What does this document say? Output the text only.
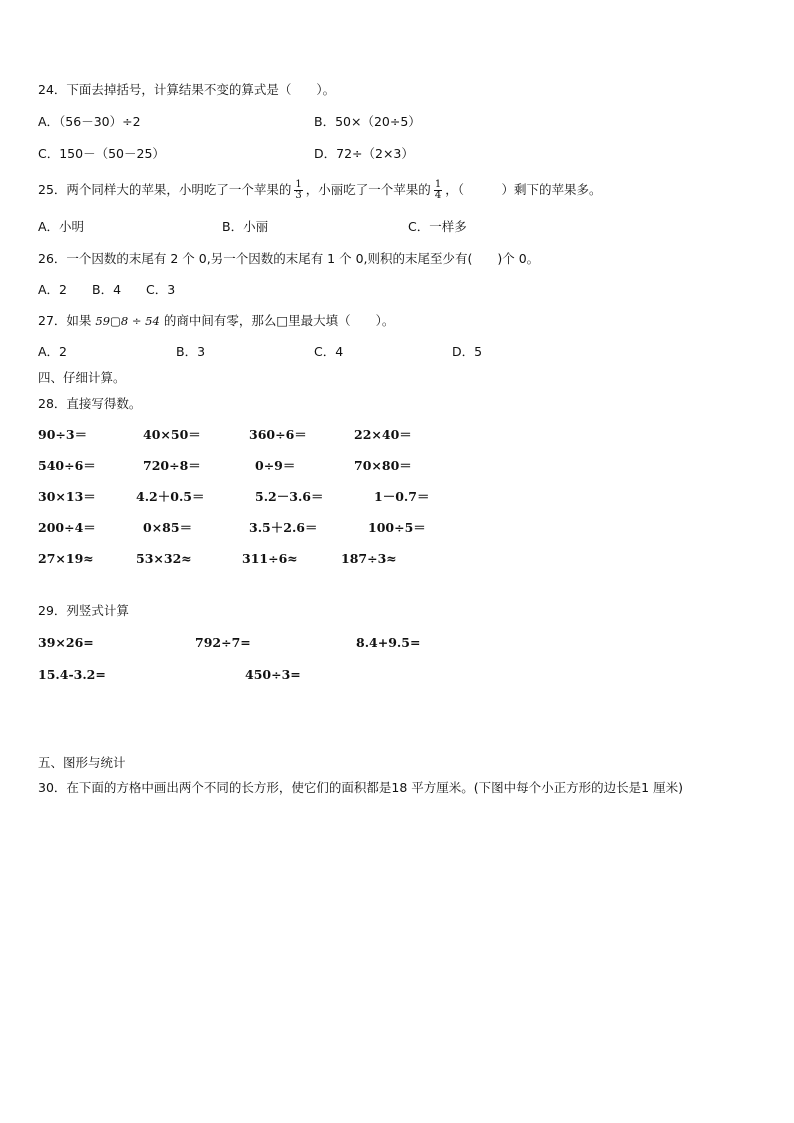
24．下面去掉括号，计算结果不变的算式是（　　）。
A．（56－30）÷2	B．50×（20÷5）
C．150－（50－25）	D．72÷（2×3）
25．两个同样大的苹果，小明吃了一个苹果的 $\frac{1}{3}$ ，小丽吃了一个苹果的 $\frac{1}{4}$ ，（　　　）剩下的苹果多。
A．小明	B．小丽	C．一样多
26．一个因数的末尾有 2 个 0,另一个因数的末尾有 1 个 0,则积的末尾至少有(　　)个 0。
A．2　　B．4　　C．3
27．如果 59▢8 ÷ 54 的商中间有零，那么□里最大填（　　）。
A．2	B．3	C．4	D．5
四、仔细计算。
28．直接写得数。
90÷3＝	40×50＝	360÷6＝	22×40＝
540÷6＝	720÷8＝	0÷9＝	70×80＝
30×13＝	4.2＋0.5＝	5.2－3.6＝	1－0.7＝
200÷4＝	0×85＝	3.5＋2.6＝	100÷5＝
27×19≈	53×32≈	311÷6≈	187÷3≈
29．列竖式计算
39×26=	792÷7=	8.4+9.5=
15.4-3.2=	450÷3=
五、图形与统计
30．在下面的方格中画出两个不同的长方形，使它们的面积都是18 平方厘米。(下图中每个小正方形的边长是1 厘米)
